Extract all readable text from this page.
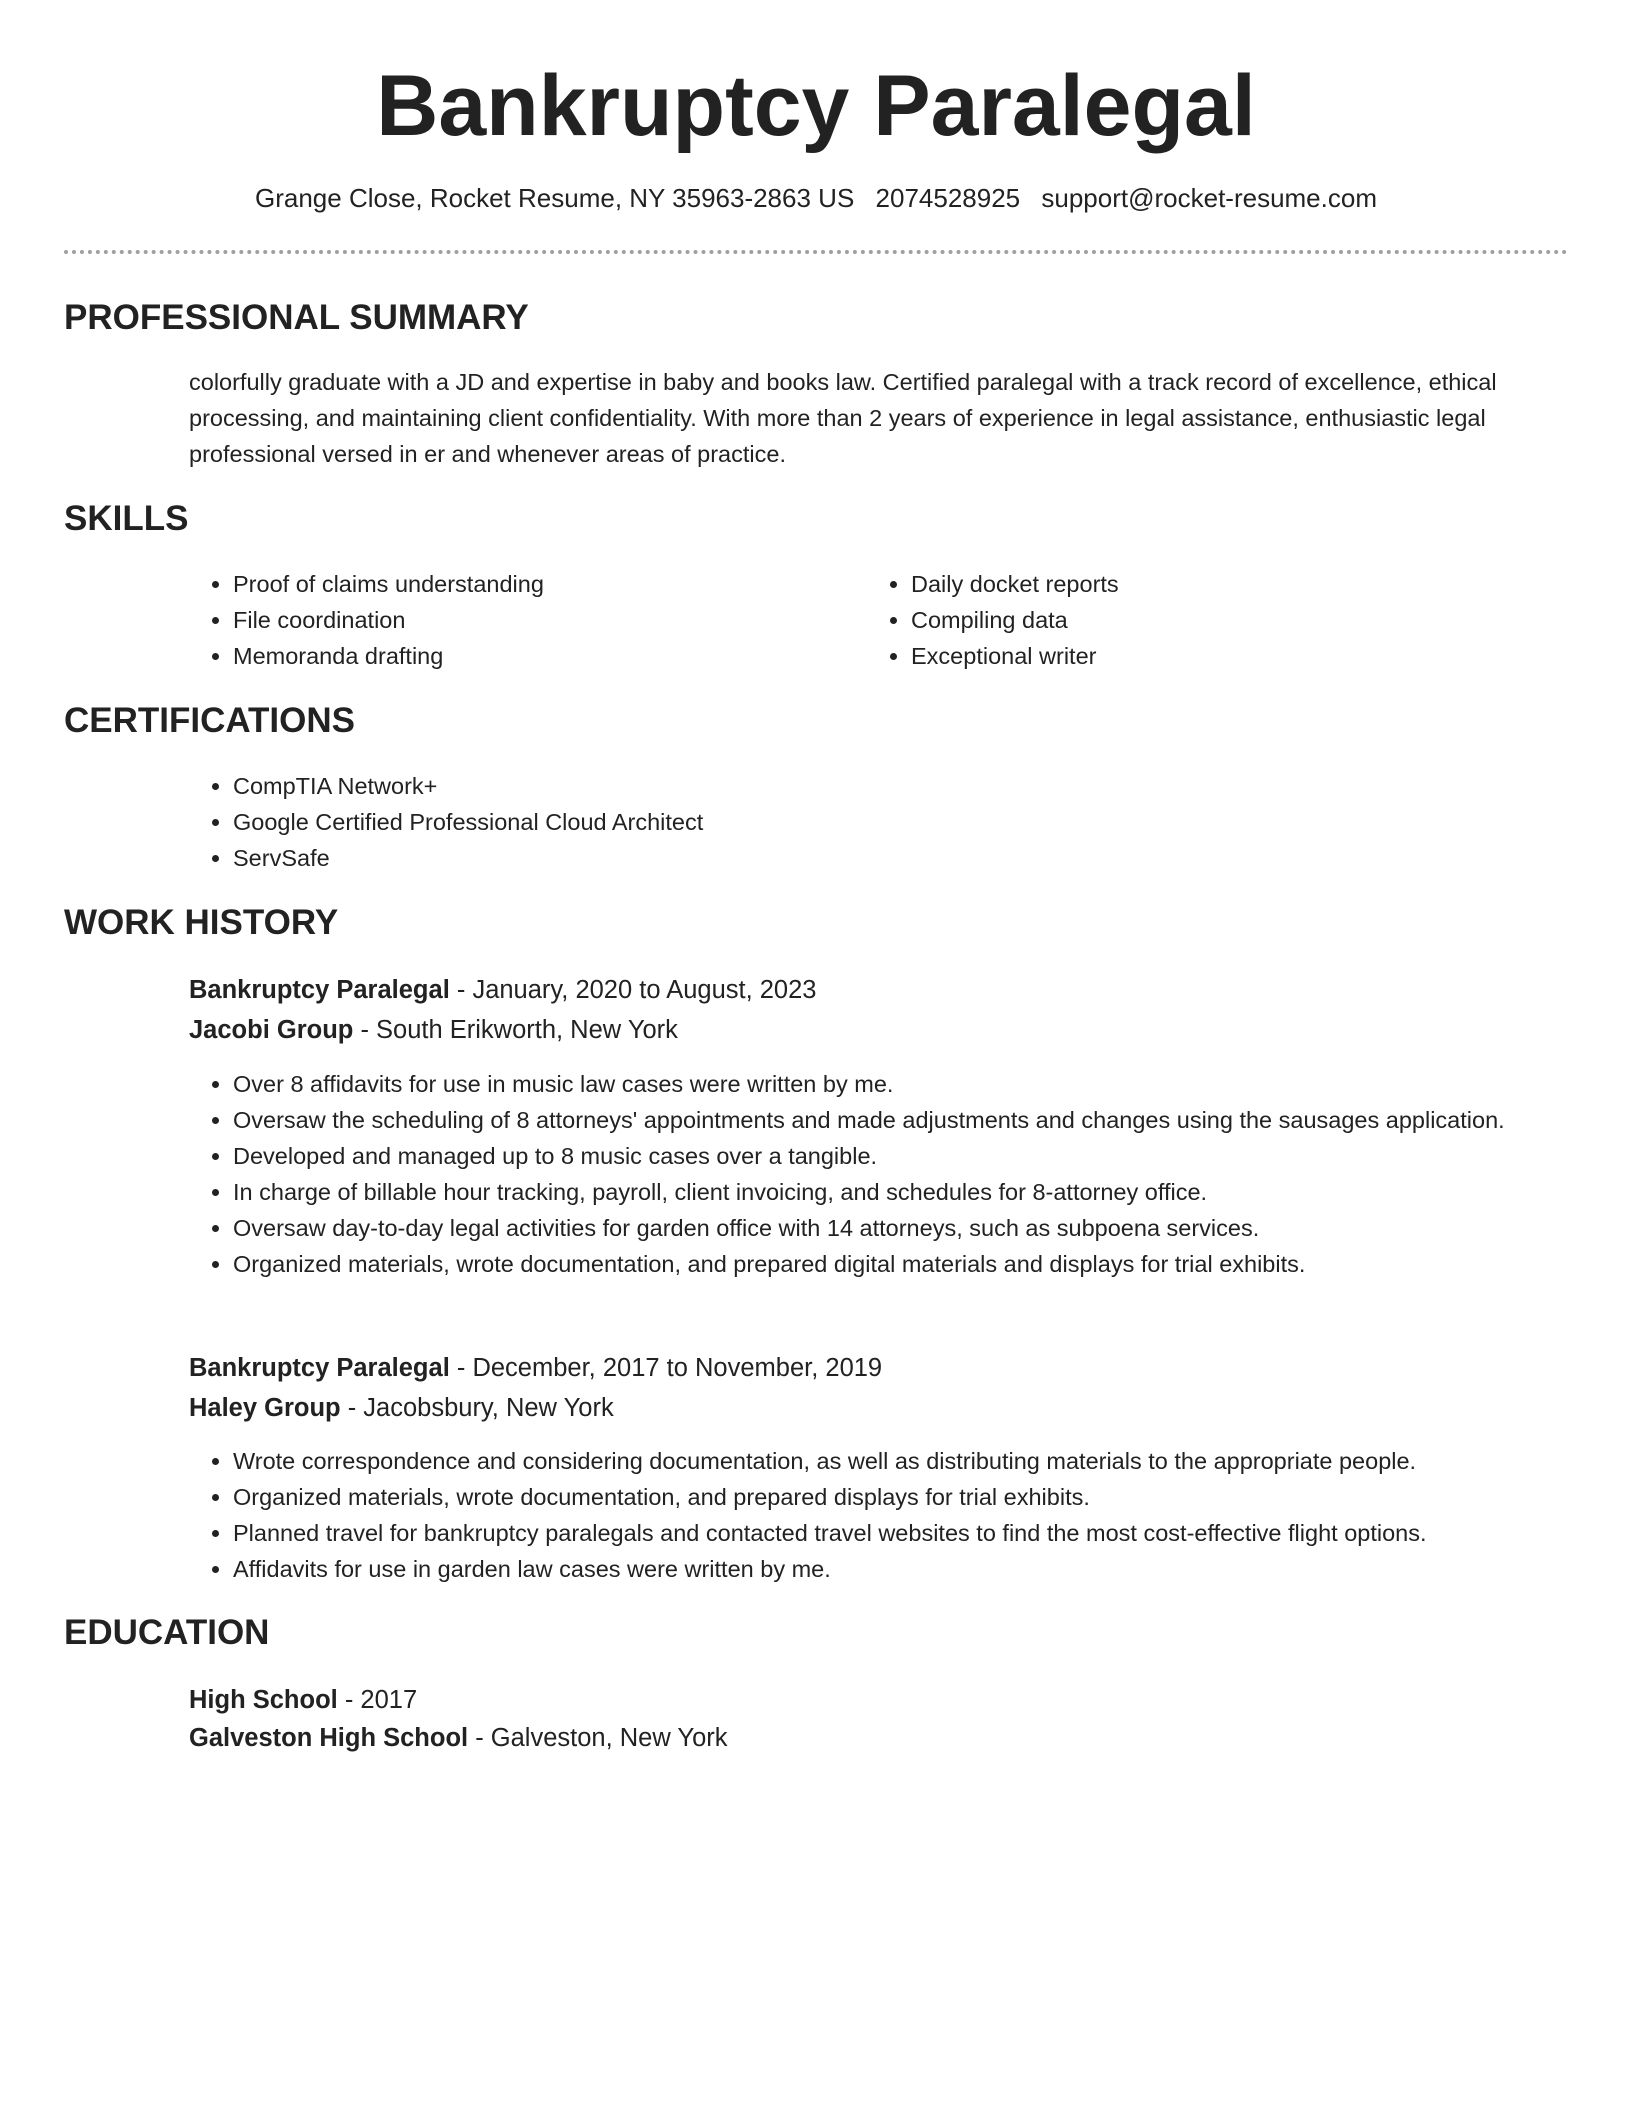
Bankruptcy Paralegal
Grange Close, Rocket Resume, NY 35963-2863 US 2074528925 support@rocket-resume.com
PROFESSIONAL SUMMARY

colorfully graduate with a JD and expertise in baby and books law. Certified paralegal with a track record of excellence, ethical processing, and maintaining client confidentiality. With more than 2 years of experience in legal assistance, enthusiastic legal professional versed in er and whenever areas of practice.

SKILLS
• Proof of claims understanding
• File coordination
• Memoranda drafting
• Daily docket reports
• Compiling data
• Exceptional writer
CERTIFICATIONS
• CompTIA Network+
• Google Certified Professional Cloud Architect
• ServSafe
WORK HISTORY
Bankruptcy Paralegal - January, 2020 to August, 2023
Jacobi Group - South Erikworth, New York
• Over 8 affidavits for use in music law cases were written by me.
• Oversaw the scheduling of 8 attorneys' appointments and made adjustments and changes using the sausages application.
• Developed and managed up to 8 music cases over a tangible.
• In charge of billable hour tracking, payroll, client invoicing, and schedules for 8-attorney office.
• Oversaw day-to-day legal activities for garden office with 14 attorneys, such as subpoena services.
• Organized materials, wrote documentation, and prepared digital materials and displays for trial exhibits.
Bankruptcy Paralegal - December, 2017 to November, 2019
Haley Group - Jacobsbury, New York
• Wrote correspondence and considering documentation, as well as distributing materials to the appropriate people.
• Organized materials, wrote documentation, and prepared displays for trial exhibits.
• Planned travel for bankruptcy paralegals and contacted travel websites to find the most cost-effective flight options.
• Affidavits for use in garden law cases were written by me.
EDUCATION
High School - 2017
Galveston High School - Galveston, New York
